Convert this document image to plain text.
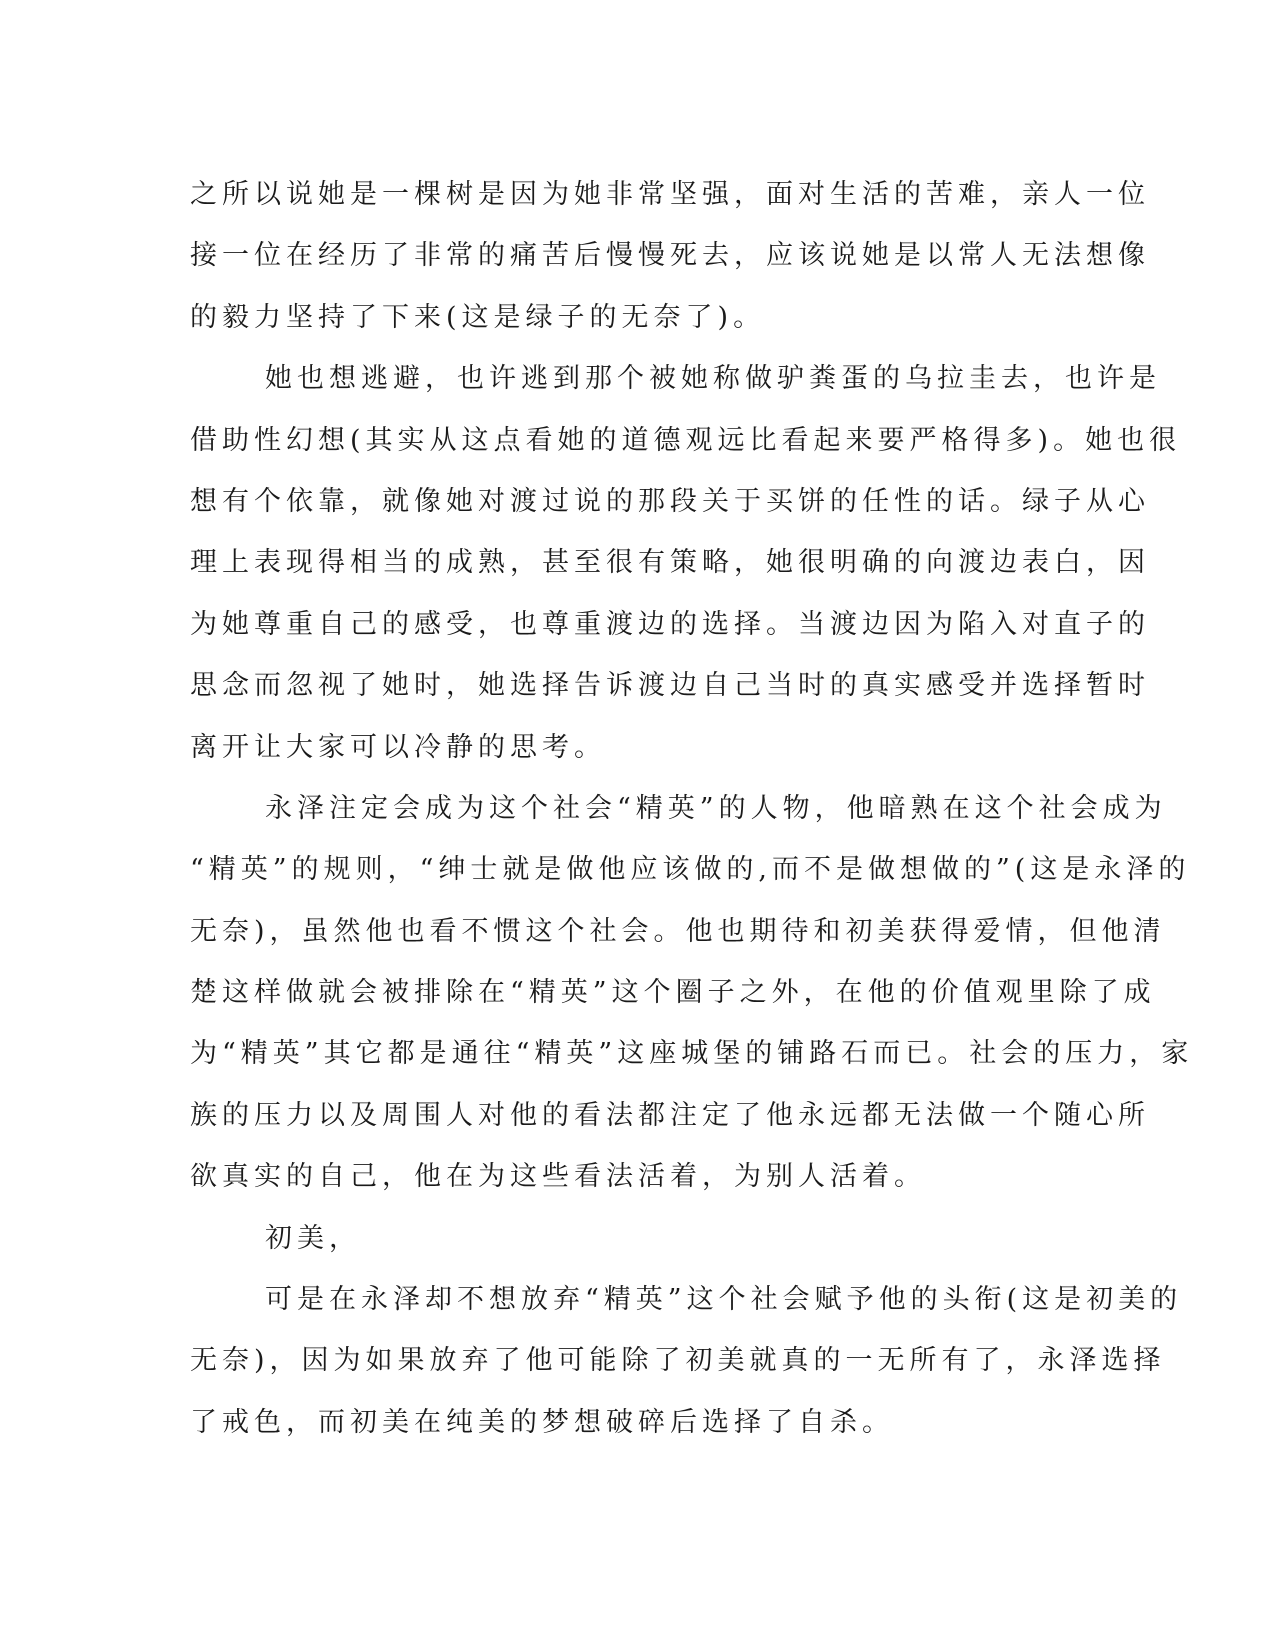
之所以说她是一棵树是因为她非常坚强，面对生活的苦难，亲人一位
接一位在经历了非常的痛苦后慢慢死去，应该说她是以常人无法想像
的毅力坚持了下来(这是绿子的无奈了)。
她也想逃避，也许逃到那个被她称做驴粪蛋的乌拉圭去，也许是
借助性幻想(其实从这点看她的道德观远比看起来要严格得多)。她也很
想有个依靠，就像她对渡过说的那段关于买饼的任性的话。绿子从心
理上表现得相当的成熟，甚至很有策略，她很明确的向渡边表白，因
为她尊重自己的感受，也尊重渡边的选择。当渡边因为陷入对直子的
思念而忽视了她时，她选择告诉渡边自己当时的真实感受并选择暂时
离开让大家可以冷静的思考。
永泽注定会成为这个社会“精英”的人物，他暗熟在这个社会成为
“精英”的规则，“绅士就是做他应该做的,而不是做想做的”(这是永泽的
无奈)，虽然他也看不惯这个社会。他也期待和初美获得爱情，但他清
楚这样做就会被排除在“精英”这个圈子之外，在他的价值观里除了成
为“精英”其它都是通往“精英”这座城堡的铺路石而已。社会的压力，家
族的压力以及周围人对他的看法都注定了他永远都无法做一个随心所
欲真实的自己，他在为这些看法活着，为别人活着。
初美，
可是在永泽却不想放弃“精英”这个社会赋予他的头衔(这是初美的
无奈)，因为如果放弃了他可能除了初美就真的一无所有了，永泽选择
了戒色，而初美在纯美的梦想破碎后选择了自杀。
